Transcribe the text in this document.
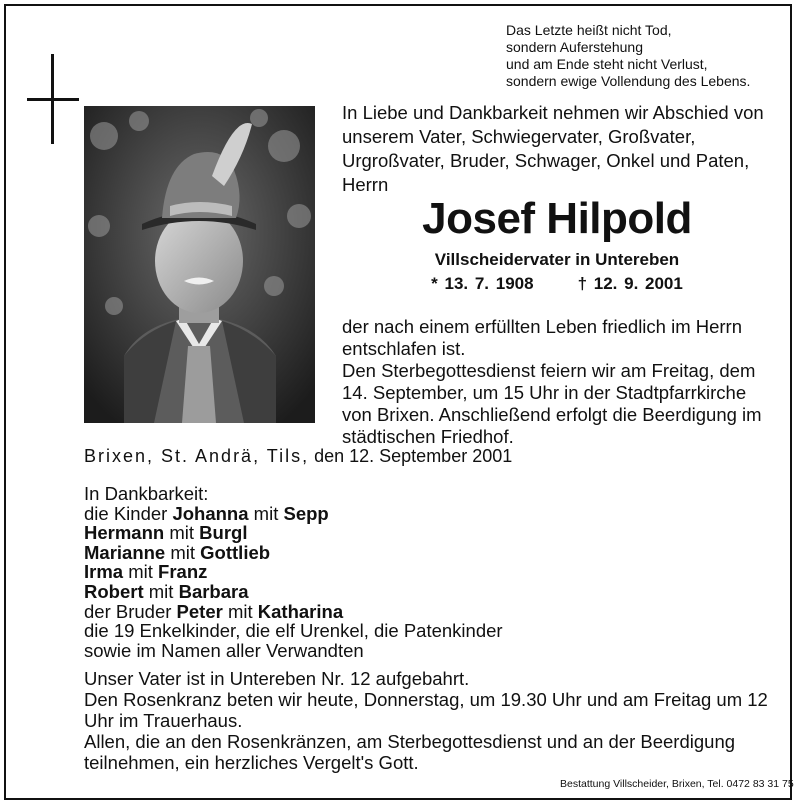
Das Letzte heißt nicht Tod,
sondern Auferstehung
und am Ende steht nicht Verlust,
sondern ewige Vollendung des Lebens.
In Liebe und Dankbarkeit nehmen wir Abschied von unserem Vater, Schwiegervater, Großvater, Urgroßvater, Bruder, Schwager, Onkel und Paten, Herrn
Josef Hilpold
Villscheidervater in Untereben
* 13. 7. 1908	† 12. 9. 2001

der nach einem erfüllten Leben friedlich im Herrn entschlafen ist.

Den Sterbegottesdienst feiern wir am Freitag, dem 14. September, um 15 Uhr in der Stadtpfarrkirche von Brixen. Anschließend erfolgt die Beerdigung im städtischen Friedhof.

Brixen, St. Andrä, Tils, den 12. September 2001
In Dankbarkeit:
die Kinder Johanna mit Sepp
Hermann mit Burgl
Marianne mit Gottlieb
Irma mit Franz
Robert mit Barbara
der Bruder Peter mit Katharina
die 19 Enkelkinder, die elf Urenkel, die Patenkinder
sowie im Namen aller Verwandten

Unser Vater ist in Untereben Nr. 12 aufgebahrt.

Den Rosenkranz beten wir heute, Donnerstag, um 19.30 Uhr und am Freitag um 12 Uhr im Trauerhaus.

Allen, die an den Rosenkränzen, am Sterbegottesdienst und an der Beerdigung teilnehmen, ein herzliches Vergelt's Gott.

Bestattung Villscheider, Brixen, Tel. 0472 83 31 75
